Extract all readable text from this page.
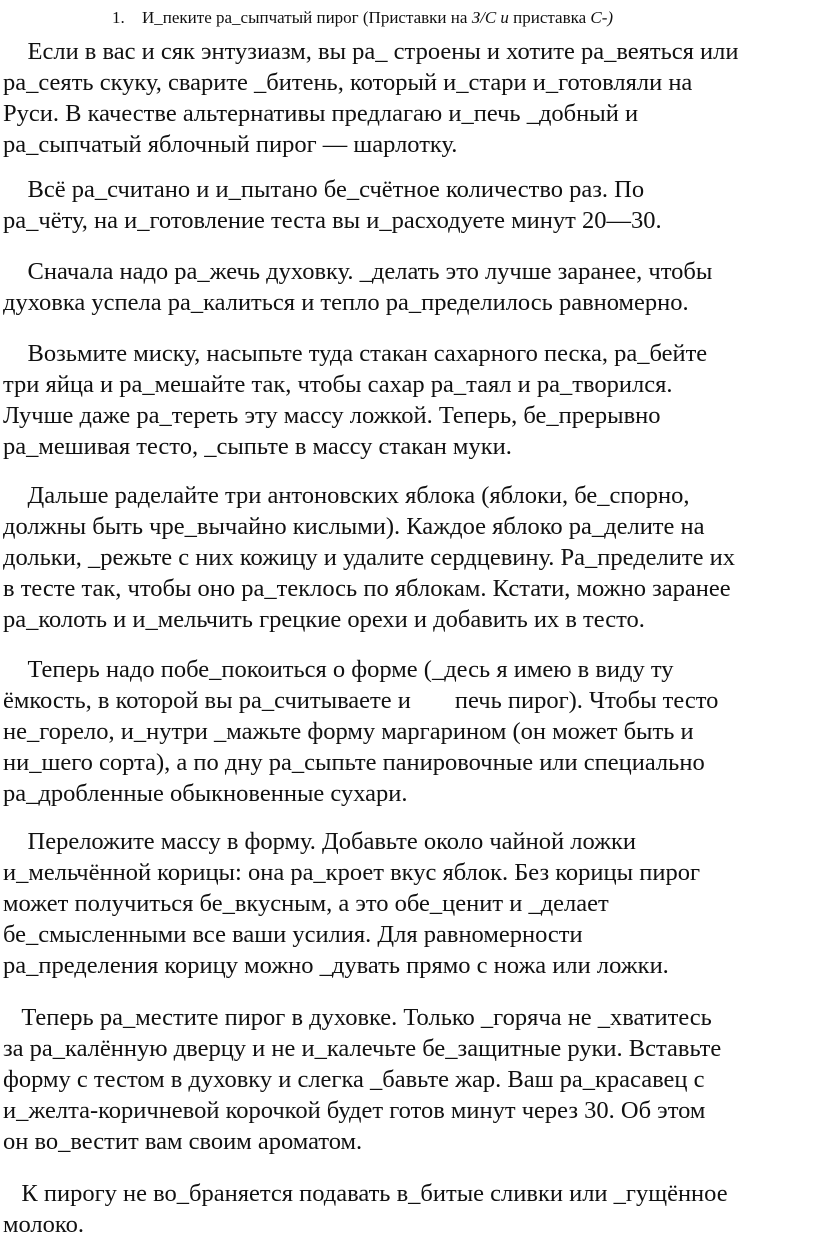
1. И_пеките ра_сыпчатый пирог (Приставки на З/С и приставка С-)
Если в вас и сяк энтузиазм, вы ра_ строены и хотите ра_веяться или
ра_сеять скуку, сварите _битень, который и_стари и_готовляли на
Руси. В качестве альтернативы предлагаю и_печь _добный и
ра_сыпчатый яблочный пирог — шарлотку.
Всё ра_считано и и_пытано бе_счётное количество раз. По
ра_чёту, на и_готовление теста вы и_расходуете минут 20—30.
Сначала надо ра_жечь духовку. _делать это лучше заранее, чтобы
духовка успела ра_калиться и тепло ра_пределилось равномерно.
Возьмите миску, насыпьте туда стакан сахарного песка, ра_бейте
три яйца и ра_мешайте так, чтобы сахар ра_таял и ра_творился.
Лучше даже ра_тереть эту массу ложкой. Теперь, бе_прерывно
ра_мешивая тесто, _сыпьте в массу стакан муки.
Дальше раделайте три антоновских яблока (яблоки, бе_спорно,
должны быть чре_вычайно кислыми). Каждое яблоко ра_делите на
дольки, _режьте с них кожицу и удалите сердцевину. Ра_пределите их
в тесте так, чтобы оно ра_теклось по яблокам. Кстати, можно заранее
ра_колоть и и_мельчить грецкие орехи и добавить их в тесто.
Теперь надо побе_покоиться о форме (_десь я имею в виду ту
ёмкость, в которой вы ра_считываете и печь пирог). Чтобы тесто
не_горело, и_нутри _мажьте форму маргарином (он может быть и
ни_шего сорта), а по дну ра_сыпьте панировочные или специально
ра_дробленные обыкновенные сухари.
Переложите массу в форму. Добавьте около чайной ложки
и_мельчённой корицы: она ра_кроет вкус яблок. Без корицы пирог
может получиться бе_вкусным, а это обе_ценит и _делает
бе_смысленными все ваши усилия. Для равномерности
ра_пределения корицу можно _дувать прямо с ножа или ложки.
Теперь ра_местите пирог в духовке. Только _горяча не _хватитесь
за ра_калённую дверцу и не и_калечьте бе_защитные руки. Вставьте
форму с тестом в духовку и слегка _бавьте жар. Ваш ра_красавец с
и_желта-коричневой корочкой будет готов минут через 30. Об этом
он во_вестит вам своим ароматом.
К пирогу не во_браняется подавать в_битые сливки или _гущённое
молоко.
